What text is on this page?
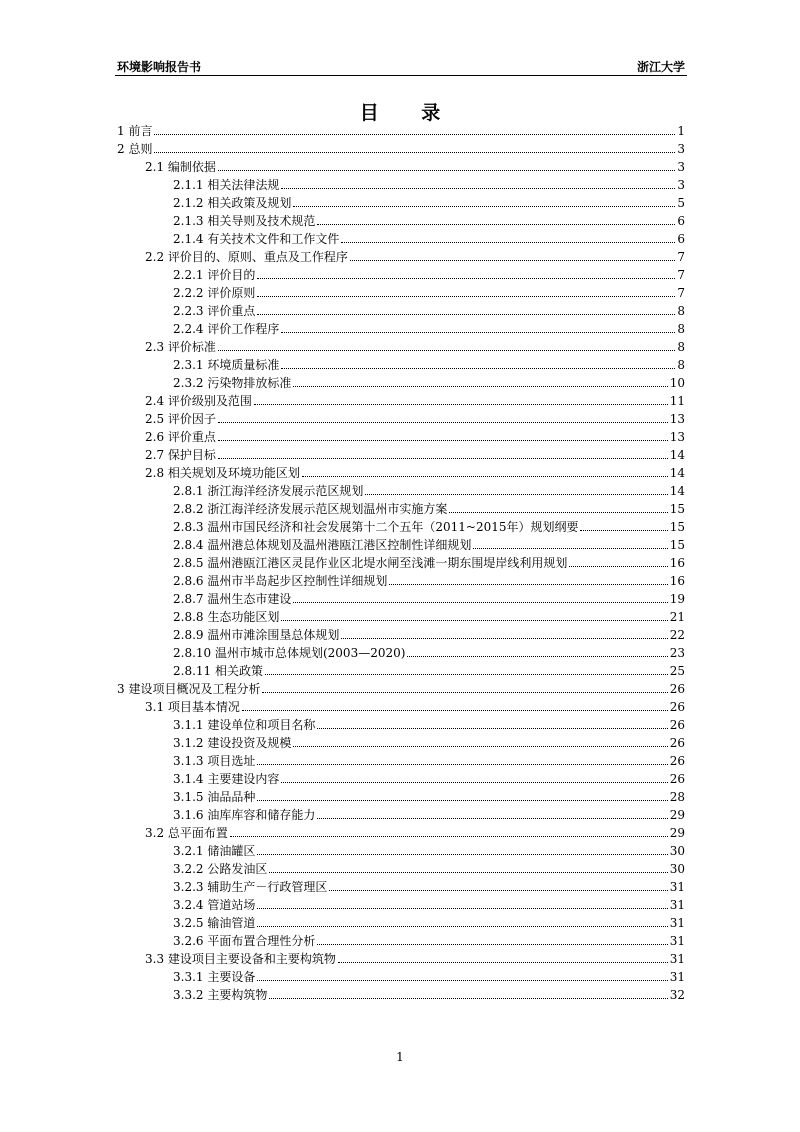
环境影响报告书	浙江大学
目 录
1 前言	1
2 总则	3
2.1 编制依据	3
2.1.1 相关法律法规	3
2.1.2 相关政策及规划	5
2.1.3 相关导则及技术规范	6
2.1.4 有关技术文件和工作文件	6
2.2 评价目的、原则、重点及工作程序	7
2.2.1 评价目的	7
2.2.2 评价原则	7
2.2.3 评价重点	8
2.2.4 评价工作程序	8
2.3 评价标准	8
2.3.1 环境质量标准	8
2.3.2 污染物排放标准	10
2.4 评价级别及范围	11
2.5 评价因子	13
2.6 评价重点	13
2.7 保护目标	14
2.8 相关规划及环境功能区划	14
2.8.1 浙江海洋经济发展示范区规划	14
2.8.2 浙江海洋经济发展示范区规划温州市实施方案	15
2.8.3 温州市国民经济和社会发展第十二个五年（2011~2015年）规划纲要	15
2.8.4 温州港总体规划及温州港瓯江港区控制性详细规划	15
2.8.5 温州港瓯江港区灵昆作业区北堤水闸至浅滩一期东围堤岸线利用规划	16
2.8.6 温州市半岛起步区控制性详细规划	16
2.8.7 温州生态市建设	19
2.8.8 生态功能区划	21
2.8.9 温州市滩涂围垦总体规划	22
2.8.10 温州市城市总体规划(2003—2020)	23
2.8.11 相关政策	25
3 建设项目概况及工程分析	26
3.1 项目基本情况	26
3.1.1 建设单位和项目名称	26
3.1.2 建设投资及规模	26
3.1.3 项目选址	26
3.1.4 主要建设内容	26
3.1.5 油品品种	28
3.1.6 油库库容和储存能力	29
3.2 总平面布置	29
3.2.1 储油罐区	30
3.2.2 公路发油区	30
3.2.3 辅助生产－行政管理区	31
3.2.4 管道站场	31
3.2.5 输油管道	31
3.2.6 平面布置合理性分析	31
3.3 建设项目主要设备和主要构筑物	31
3.3.1 主要设备	31
3.3.2 主要构筑物	32
1
